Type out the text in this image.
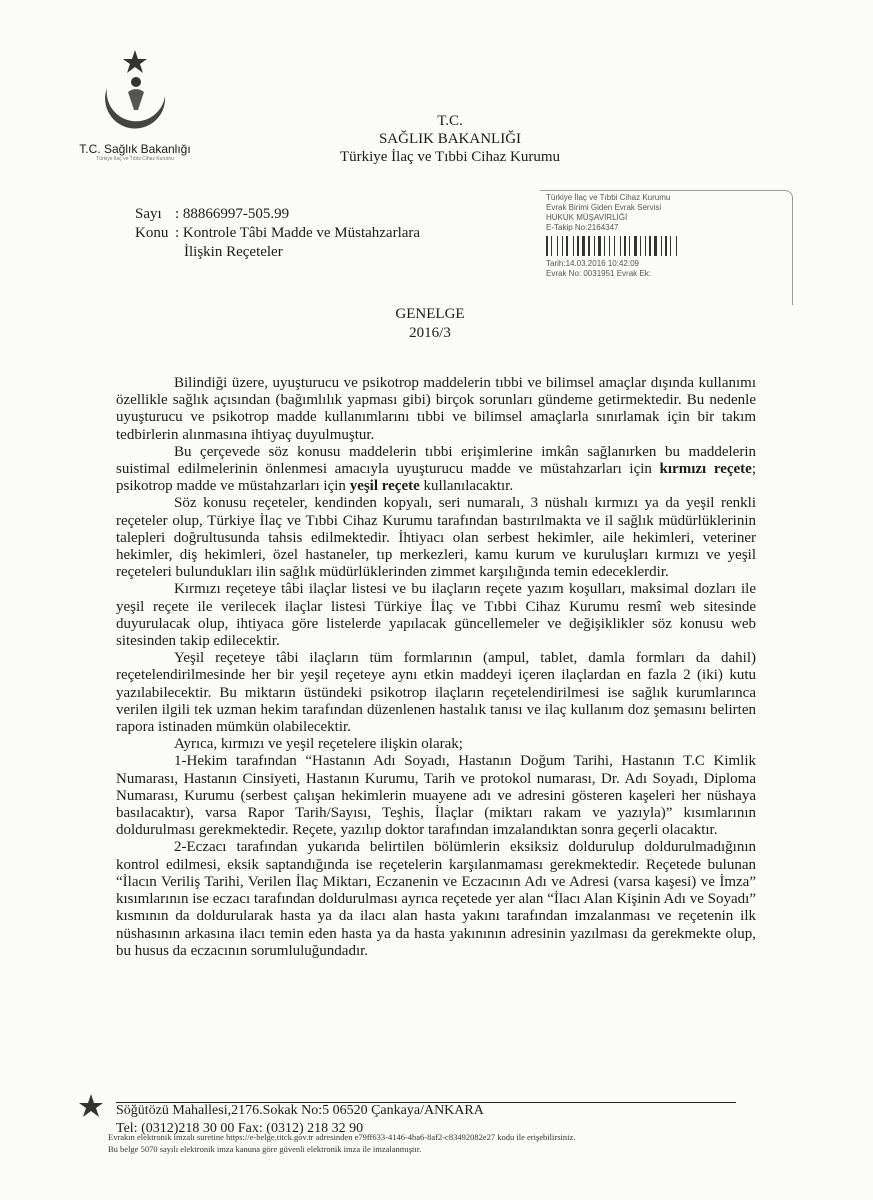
T.C. Sağlık Bakanlığı
Türkiye İlaç ve Tıbbi Cihaz Kurumu
T.C.
SAĞLIK BAKANLIĞI
Türkiye İlaç ve Tıbbi Cihaz Kurumu
Türkiye İlaç ve Tıbbi Cihaz Kurumu
Evrak Birimi Giden Evrak Servisi
HUKUK MÜŞAVİRLİĞİ
E-Takip No:2164347
Tarih:14.03.2016 10:42:09
Evrak No: 0031951 Evrak Ek:
Sayı : 88866997-505.99
Konu : Kontrole Tâbi Madde ve Müstahzarlara
İlişkin Reçeteler
GENELGE
2016/3

Bilindiği üzere, uyuşturucu ve psikotrop maddelerin tıbbi ve bilimsel amaçlar dışında kullanımı özellikle sağlık açısından (bağımlılık yapması gibi) birçok sorunları gündeme getirmektedir. Bu nedenle uyuşturucu ve psikotrop madde kullanımlarını tıbbi ve bilimsel amaçlarla sınırlamak için bir takım tedbirlerin alınmasına ihtiyaç duyulmuştur.

Bu çerçevede söz konusu maddelerin tıbbi erişimlerine imkân sağlanırken bu maddelerin suistimal edilmelerinin önlenmesi amacıyla uyuşturucu madde ve müstahzarları için kırmızı reçete; psikotrop madde ve müstahzarları için yeşil reçete kullanılacaktır.

Söz konusu reçeteler, kendinden kopyalı, seri numaralı, 3 nüshalı kırmızı ya da yeşil renkli reçeteler olup, Türkiye İlaç ve Tıbbi Cihaz Kurumu tarafından bastırılmakta ve il sağlık müdürlüklerinin talepleri doğrultusunda tahsis edilmektedir. İhtiyacı olan serbest hekimler, aile hekimleri, veteriner hekimler, diş hekimleri, özel hastaneler, tıp merkezleri, kamu kurum ve kuruluşları kırmızı ve yeşil reçeteleri bulundukları ilin sağlık müdürlüklerinden zimmet karşılığında temin edeceklerdir.

Kırmızı reçeteye tâbi ilaçlar listesi ve bu ilaçların reçete yazım koşulları, maksimal dozları ile yeşil reçete ile verilecek ilaçlar listesi Türkiye İlaç ve Tıbbi Cihaz Kurumu resmî web sitesinde duyurulacak olup, ihtiyaca göre listelerde yapılacak güncellemeler ve değişiklikler söz konusu web sitesinden takip edilecektir.

Yeşil reçeteye tâbi ilaçların tüm formlarının (ampul, tablet, damla formları da dahil) reçetelendirilmesinde her bir yeşil reçeteye aynı etkin maddeyi içeren ilaçlardan en fazla 2 (iki) kutu yazılabilecektir. Bu miktarın üstündeki psikotrop ilaçların reçetelendirilmesi ise sağlık kurumlarınca verilen ilgili tek uzman hekim tarafından düzenlenen hastalık tanısı ve ilaç kullanım doz şemasını belirten rapora istinaden mümkün olabilecektir.

Ayrıca, kırmızı ve yeşil reçetelere ilişkin olarak;

1-Hekim tarafından “Hastanın Adı Soyadı, Hastanın Doğum Tarihi, Hastanın T.C Kimlik Numarası, Hastanın Cinsiyeti, Hastanın Kurumu, Tarih ve protokol numarası, Dr. Adı Soyadı, Diploma Numarası, Kurumu (serbest çalışan hekimlerin muayene adı ve adresini gösteren kaşeleri her nüshaya basılacaktır), varsa Rapor Tarih/Sayısı, Teşhis, İlaçlar (miktarı rakam ve yazıyla)” kısımlarının doldurulması gerekmektedir. Reçete, yazılıp doktor tarafından imzalandıktan sonra geçerli olacaktır.

2-Eczacı tarafından yukarıda belirtilen bölümlerin eksiksiz doldurulup doldurulmadığının kontrol edilmesi, eksik saptandığında ise reçetelerin karşılanmaması gerekmektedir. Reçetede bulunan “İlacın Veriliş Tarihi, Verilen İlaç Miktarı, Eczanenin ve Eczacının Adı ve Adresi (varsa kaşesi) ve İmza” kısımlarının ise eczacı tarafından doldurulması ayrıca reçetede yer alan “İlacı Alan Kişinin Adı ve Soyadı” kısmının da doldurularak hasta ya da ilacı alan hasta yakını tarafından imzalanması ve reçetenin ilk nüshasının arkasına ilacı temin eden hasta ya da hasta yakınının adresinin yazılması da gerekmekte olup, bu husus da eczacının sorumluluğundadır.

Söğütözü Mahallesi,2176.Sokak No:5 06520 Çankaya/ANKARA
Tel: (0312)218 30 00 Fax: (0312) 218 32 90
Evrakın elektronik imzalı suretine https://e-belge.titck.gov.tr adresinden e79ff633-4146-4ba6-8af2-c83492082e27 kodu ile erişebilirsiniz.
Bu belge 5070 sayılı elektronik imza kanuna göre güvenli elektronik imza ile imzalanmıştır.
